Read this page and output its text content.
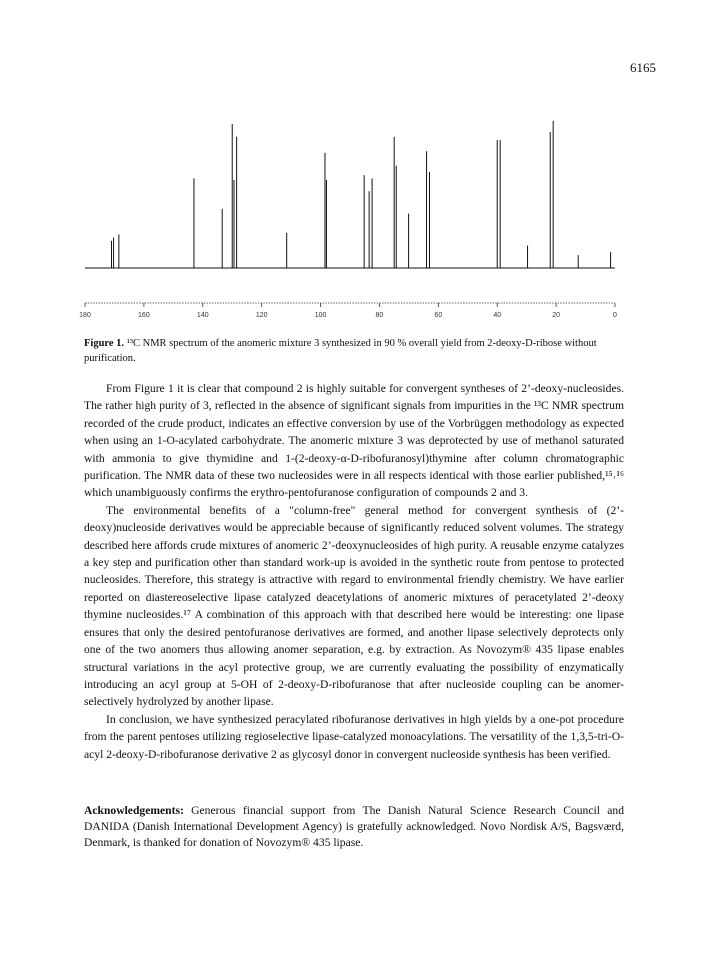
6165
180	160	140	120	100	80	60	40	20	0
Figure 1. ¹³C NMR spectrum of the anomeric mixture 3 synthesized in 90 % overall yield from 2-deoxy-D-ribose without purification.

From Figure 1 it is clear that compound 2 is highly suitable for convergent syntheses of 2’-deoxy-nucleosides. The rather high purity of 3, reflected in the absence of significant signals from impurities in the ¹³C NMR spectrum recorded of the crude product, indicates an effective conversion by use of the Vorbrüggen methodology as expected when using an 1-O-acylated carbohydrate. The anomeric mixture 3 was deprotected by use of methanol saturated with ammonia to give thymidine and 1-(2-deoxy-α-D-ribofuranosyl)thymine after column chromatographic purification. The NMR data of these two nucleosides were in all respects identical with those earlier published,¹⁵˒¹⁶ which unambiguously confirms the erythro-pentofuranose configuration of compounds 2 and 3.

The environmental benefits of a "column-free" general method for convergent synthesis of (2’-deoxy)nucleoside derivatives would be appreciable because of significantly reduced solvent volumes. The strategy described here affords crude mixtures of anomeric 2’-deoxynucleosides of high purity. A reusable enzyme catalyzes a key step and purification other than standard work-up is avoided in the synthetic route from pentose to protected nucleosides. Therefore, this strategy is attractive with regard to environmental friendly chemistry. We have earlier reported on diastereoselective lipase catalyzed deacetylations of anomeric mixtures of peracetylated 2’-deoxy thymine nucleosides.¹⁷ A combination of this approach with that described here would be interesting: one lipase ensures that only the desired pentofuranose derivatives are formed, and another lipase selectively deprotects only one of the two anomers thus allowing anomer separation, e.g. by extraction. As Novozym® 435 lipase enables structural variations in the acyl protective group, we are currently evaluating the possibility of enzymatically introducing an acyl group at 5-OH of 2-deoxy-D-ribofuranose that after nucleoside coupling can be anomer-selectively hydrolyzed by another lipase.

In conclusion, we have synthesized peracylated ribofuranose derivatives in high yields by a one-pot procedure from the parent pentoses utilizing regioselective lipase-catalyzed monoacylations. The versatility of the 1,3,5-tri-O-acyl 2-deoxy-D-ribofuranose derivative 2 as glycosyl donor in convergent nucleoside synthesis has been verified.

Acknowledgements: Generous financial support from The Danish Natural Science Research Council and DANIDA (Danish International Development Agency) is gratefully acknowledged. Novo Nordisk A/S, Bagsværd, Denmark, is thanked for donation of Novozym® 435 lipase.
